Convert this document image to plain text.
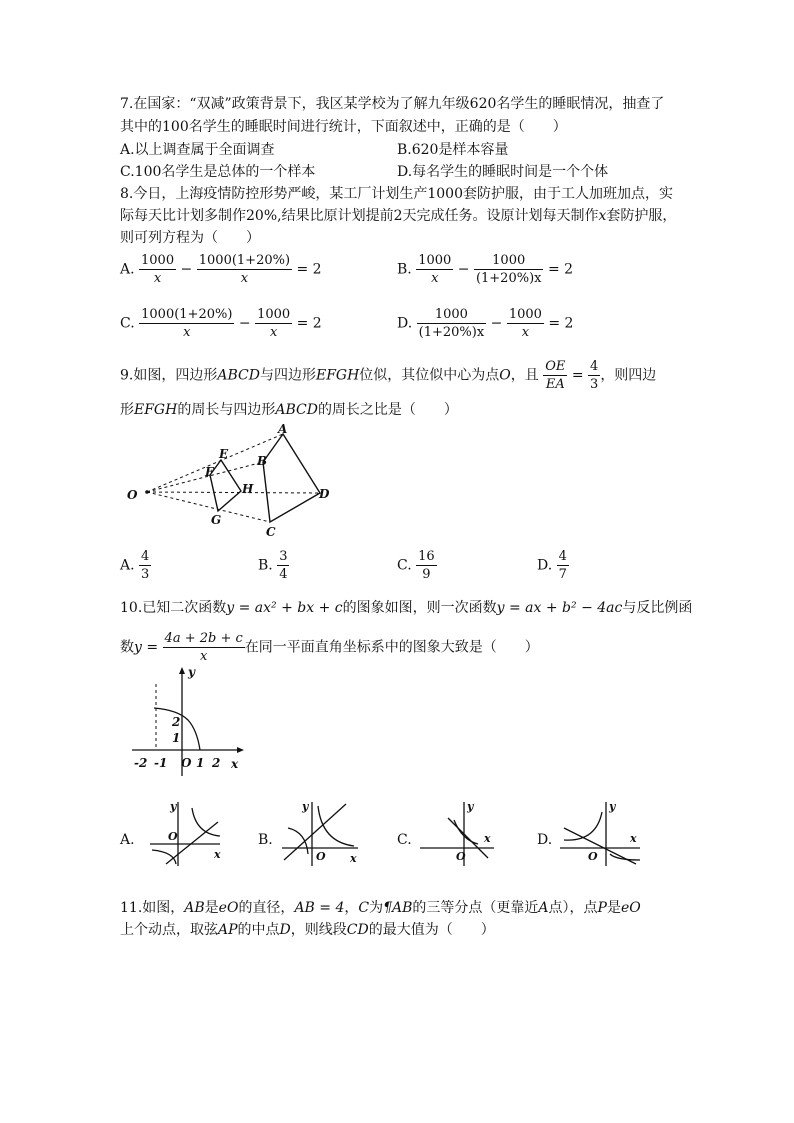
7.在国家：“双减”政策背景下，我区某学校为了解九年级620名学生的睡眠情况，抽查了
其中的100名学生的睡眠时间进行统计，下面叙述中，正确的是（　　）
A.以上调查属于全面调查	B.620是样本容量
C.100名学生是总体的一个样本	D.每名学生的睡眠时间是一个个体
8.今日，上海疫情防控形势严峻，某工厂计划生产1000套防护服，由于工人加班加点，实
际每天比计划多制作20%,结果比原计划提前2天完成任务。设原计划每天制作x套防护服，
则可列方程为（　　）
A. $\frac{1000}{x} - \frac{1000(1+20\%)}{x} = 2$	B. $\frac{1000}{x} - \frac{1000}{(1+20\%)x} = 2$
C. $\frac{1000(1+20\%)}{x} - \frac{1000}{x} = 2$	D. $\frac{1000}{(1+20\%)x} - \frac{1000}{x} = 2$
9.如图，四边形ABCD与四边形EFGH位似，其位似中心为点O，且 $\frac{OE}{EA} = \frac{4}{3}$ ，则四边
形EFGH的周长与四边形ABCD的周长之比是（　　）
A
B
C
D
E
F
G
H
O
A. $\frac{4}{3}$	B. $\frac{3}{4}$	C. $\frac{16}{9}$	D. $\frac{4}{7}$
10.已知二次函数y = ax² + bx + c的图象如图，则一次函数y = ax + b² − 4ac与反比例函
数$y = \frac{4a + 2b + c}{x}$ 在同一平面直角坐标系中的图象大致是（　　）
y
x
2
1
-2 -1 O 1 2
A.
y
x
O	B.
y
x
O
C.
y
x
O
D.
y
x
O
11.如图，AB是eO的直径，AB = 4，C为¶AB的三等分点（更靠近A点），点P是eO
上个动点，取弦AP的中点D，则线段CD的最大值为（　　）
